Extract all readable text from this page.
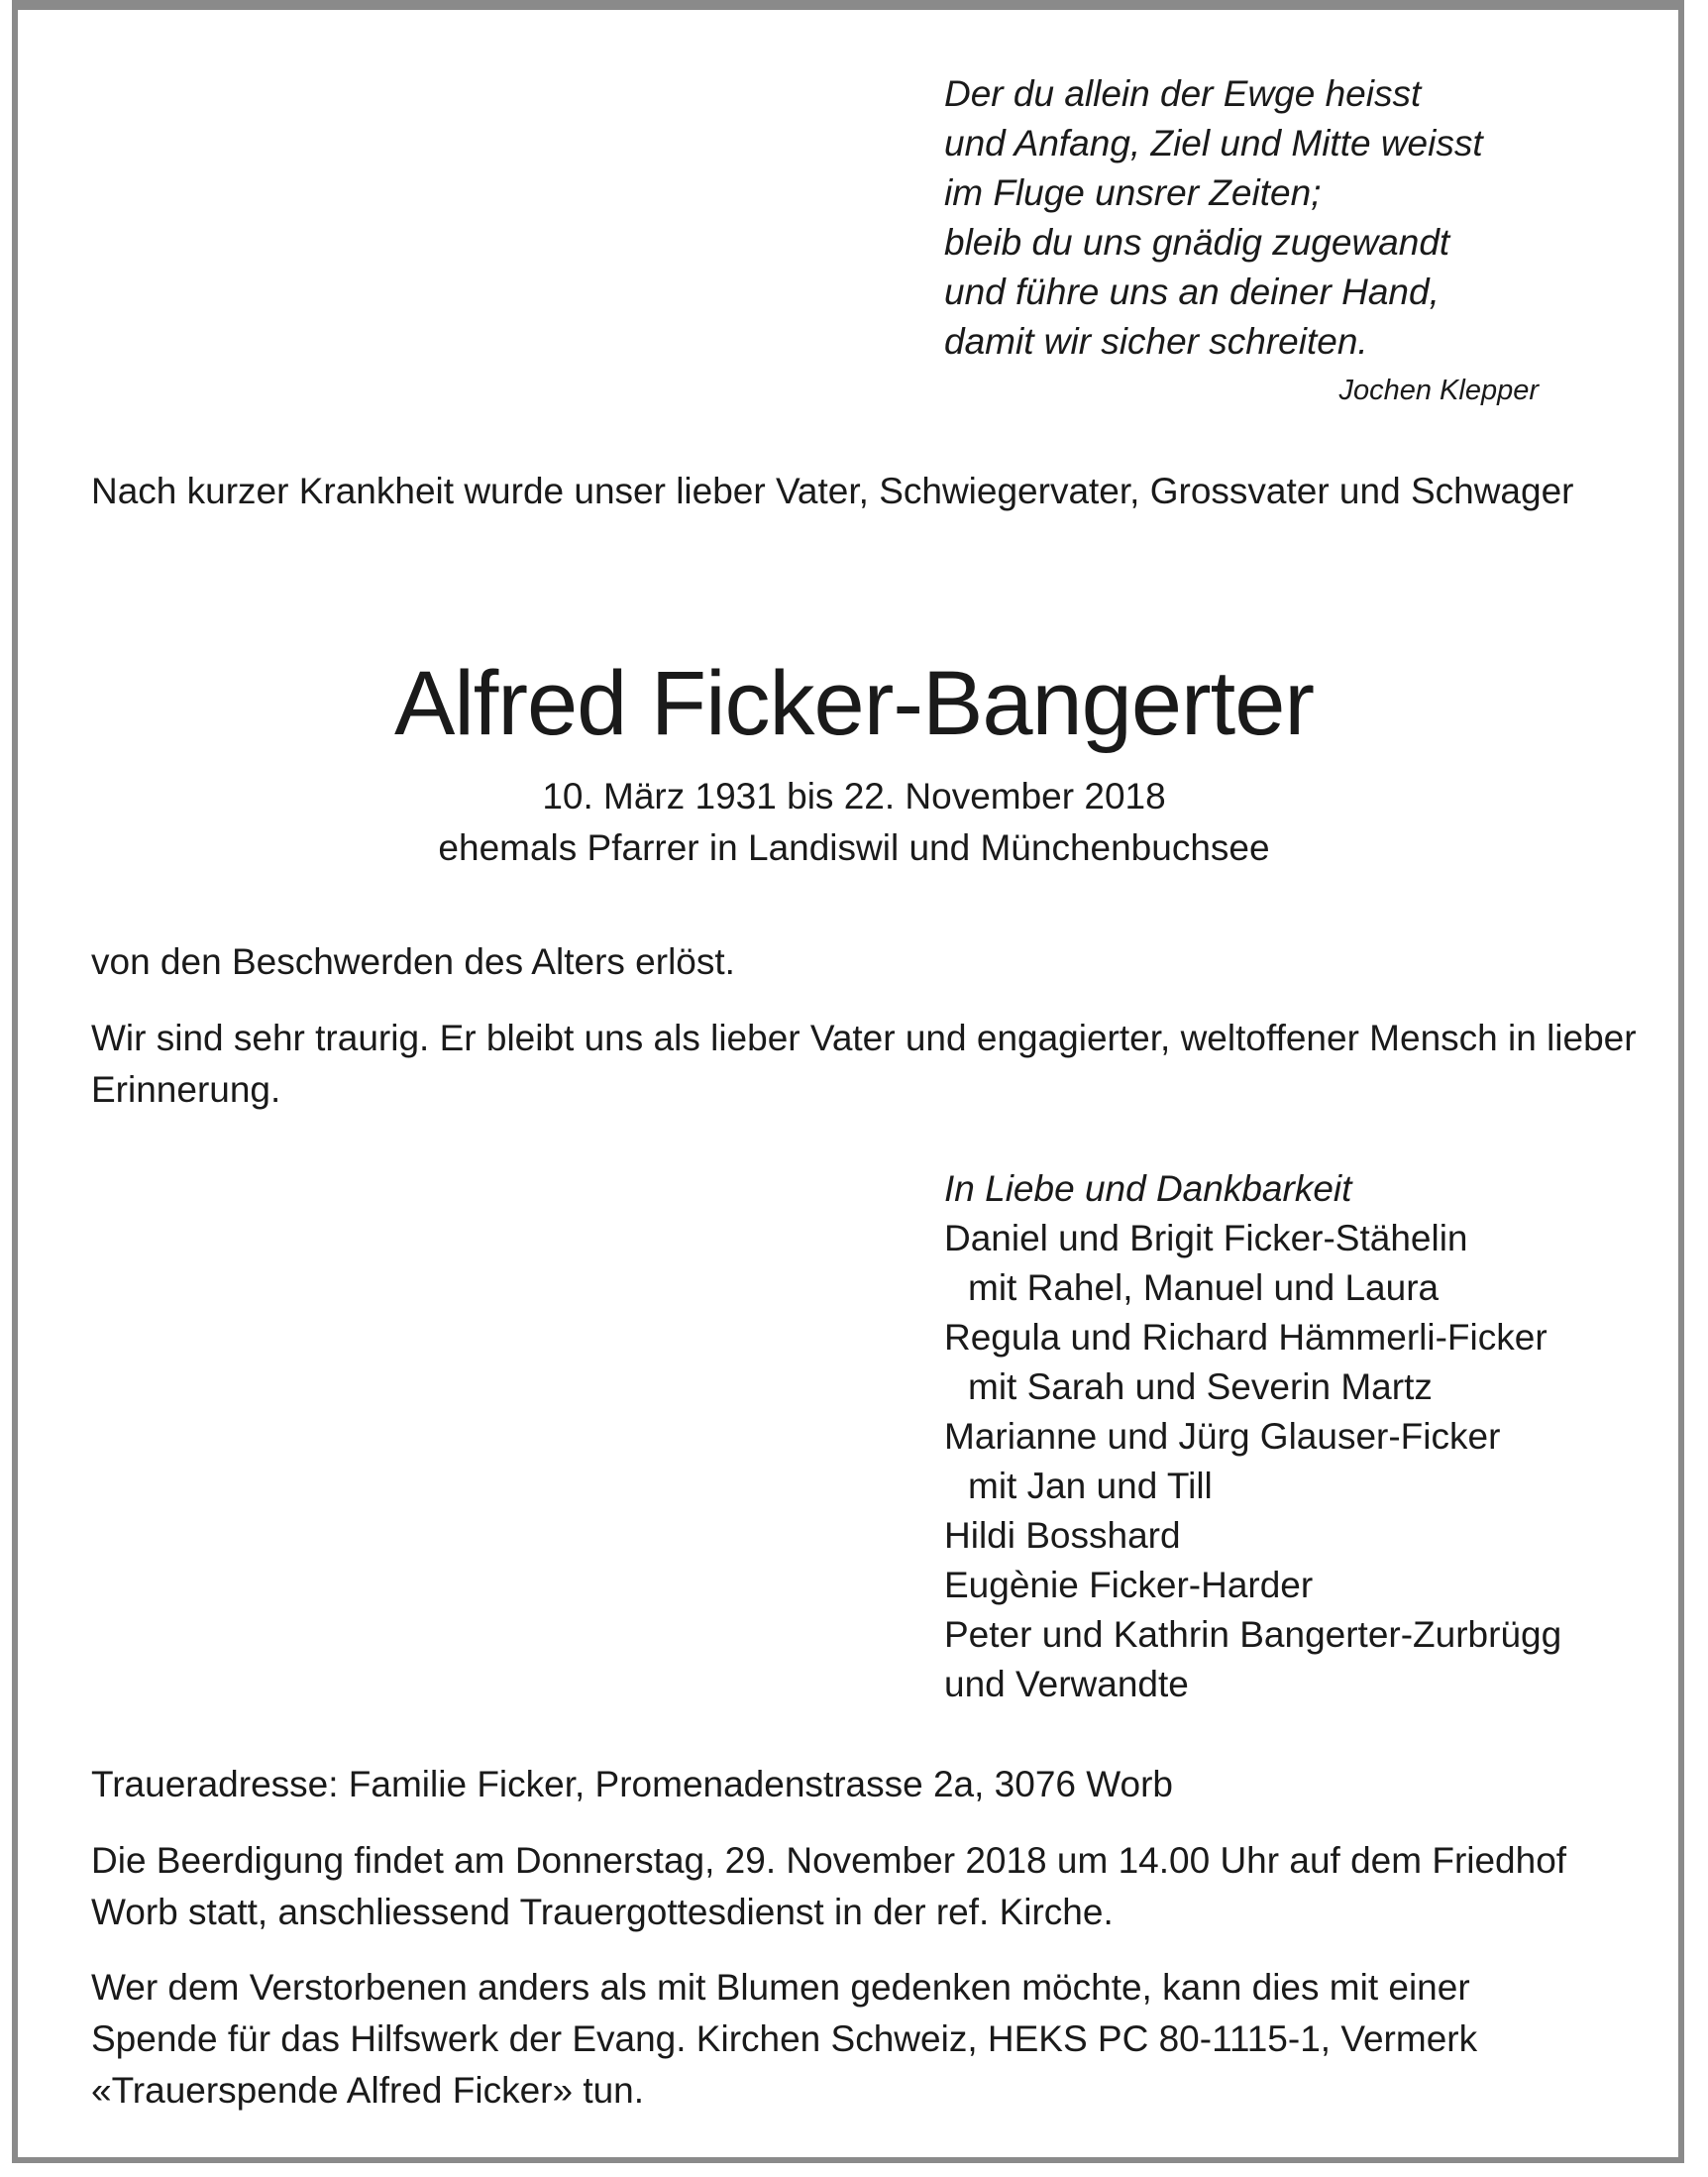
Der du allein der Ewge heisst
und Anfang, Ziel und Mitte weisst
im Fluge unsrer Zeiten;
bleib du uns gnädig zugewandt
und führe uns an deiner Hand,
damit wir sicher schreiten.
Jochen Klepper

Nach kurzer Krankheit wurde unser lieber Vater, Schwiegervater, Grossvater und Schwager

Alfred Ficker-Bangerter
10. März 1931 bis 22. November 2018
ehemals Pfarrer in Landiswil und Münchenbuchsee

von den Beschwerden des Alters erlöst.

Wir sind sehr traurig. Er bleibt uns als lieber Vater und engagierter, weltoffener Mensch in lieber Erinnerung.

In Liebe und Dankbarkeit
Daniel und Brigit Ficker-Stähelin
mit Rahel, Manuel und Laura
Regula und Richard Hämmerli-Ficker
mit Sarah und Severin Martz
Marianne und Jürg Glauser-Ficker
mit Jan und Till
Hildi Bosshard
Eugènie Ficker-Harder
Peter und Kathrin Bangerter-Zurbrügg
und Verwandte

Traueradresse: Familie Ficker, Promenadenstrasse 2a, 3076 Worb

Die Beerdigung findet am Donnerstag, 29. November 2018 um 14.00 Uhr auf dem Friedhof Worb statt, anschliessend Trauergottesdienst in der ref. Kirche.

Wer dem Verstorbenen anders als mit Blumen gedenken möchte, kann dies mit einer Spende für das Hilfswerk der Evang. Kirchen Schweiz, HEKS PC 80-1115-1, Vermerk «Trauerspende Alfred Ficker» tun.
